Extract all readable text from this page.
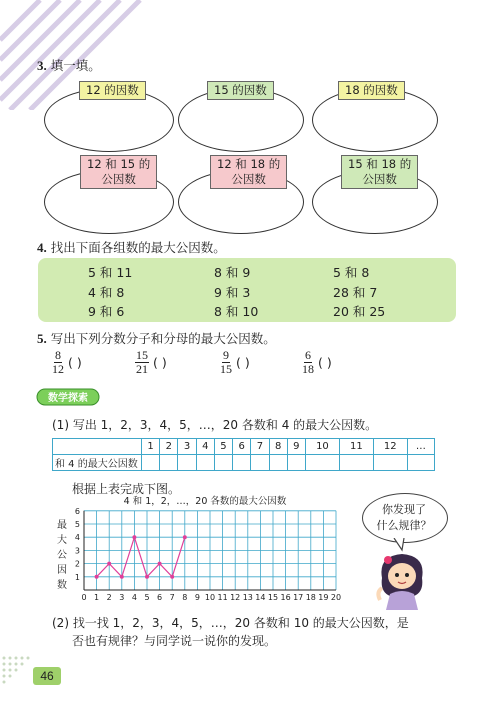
3. 填一填。
12 的因数	15 的因数	18 的因数
12 和 15 的
公因数
12 和 18 的
公因数
15 和 18 的
公因数
4. 找出下面各组数的最大公因数。
5 和 11	8 和 9	5 和 8
4 和 8	9 和 3	28 和 7
9 和 6	8 和 10	20 和 25
5. 写出下列分数分子和分母的最大公因数。
$\frac{8}{12}$ ( )	$\frac{15}{21}$ ( )	$\frac{9}{15}$ ( )	$\frac{6}{18}$ ( )
数学探索
(1) 写出 1，2，3，4，5，…，20 各数和 4 的最大公因数。
	1	2	3	4	5	6	7	8	9	10	11	12	…
和 4 的最大公因数													
根据上表完成下图。
4 和 1，2，…，20 各数的最大公因数
最
大
公
因
数
0 1 2 3 4 5 6 7 8 9 10 11 12 13 14 15 16 17 18 19 20
1
2
3
4
5
6	你发现了
什么规律？
(2) 找一找 1，2，3，4，5，…，20 各数和 10 的最大公因数，是
否也有规律？与同学说一说你的发现。
46
